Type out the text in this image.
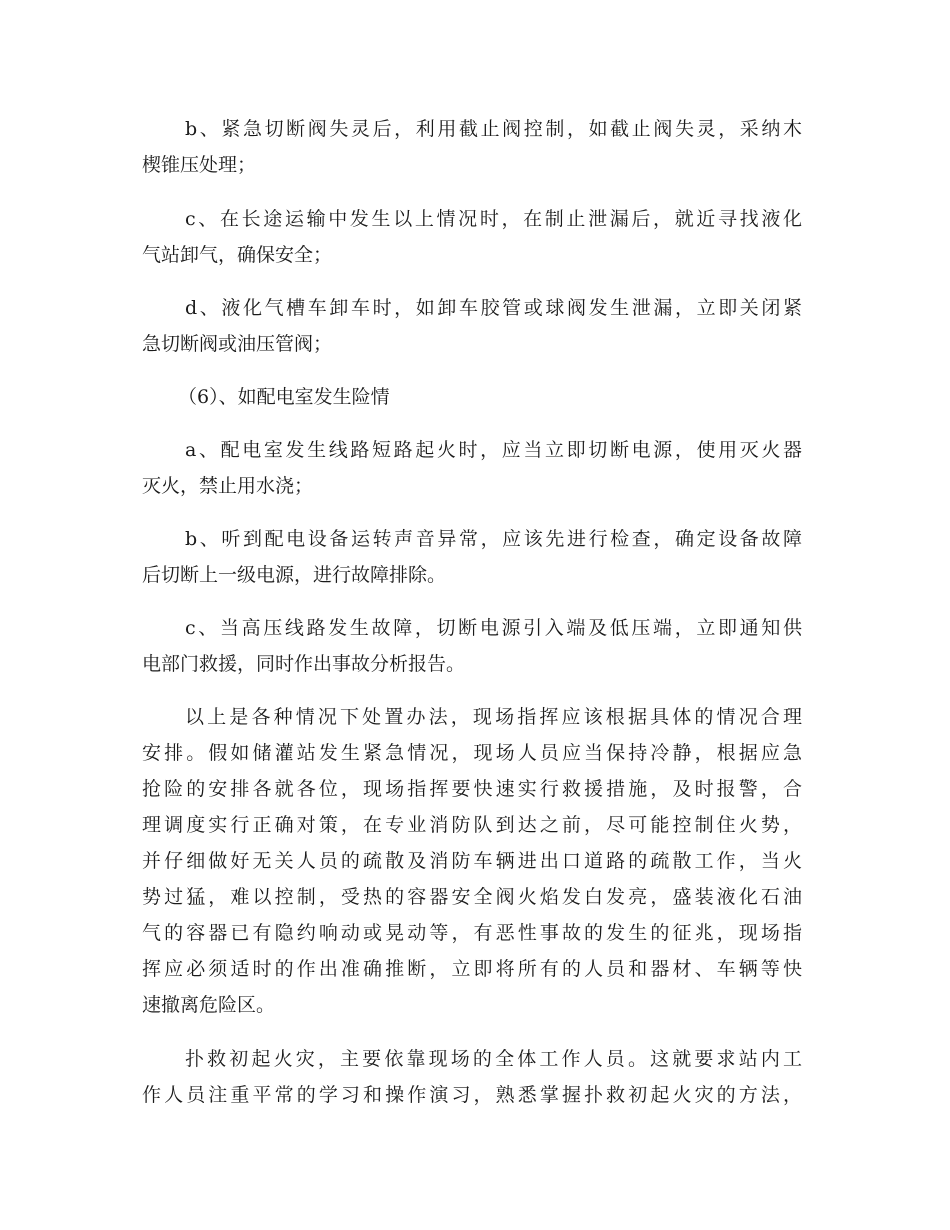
b、紧急切断阀失灵后，利用截止阀控制，如截止阀失灵，采纳木
楔锥压处理；
c、在长途运输中发生以上情况时，在制止泄漏后，就近寻找液化
气站卸气，确保安全；
d、液化气槽车卸车时，如卸车胶管或球阀发生泄漏，立即关闭紧
急切断阀或油压管阀；
（6）、如配电室发生险情
a、配电室发生线路短路起火时，应当立即切断电源，使用灭火器
灭火，禁止用水浇；
b、听到配电设备运转声音异常，应该先进行检查，确定设备故障
后切断上一级电源，进行故障排除。
c、当高压线路发生故障，切断电源引入端及低压端，立即通知供
电部门救援，同时作出事故分析报告。
以上是各种情况下处置办法，现场指挥应该根据具体的情况合理
安排。假如储灌站发生紧急情况，现场人员应当保持冷静，根据应急
抢险的安排各就各位，现场指挥要快速实行救援措施，及时报警，合
理调度实行正确对策，在专业消防队到达之前，尽可能控制住火势，
并仔细做好无关人员的疏散及消防车辆进出口道路的疏散工作，当火
势过猛，难以控制，受热的容器安全阀火焰发白发亮，盛装液化石油
气的容器已有隐约响动或晃动等，有恶性事故的发生的征兆，现场指
挥应必须适时的作出准确推断，立即将所有的人员和器材、车辆等快
速撤离危险区。
扑救初起火灾，主要依靠现场的全体工作人员。这就要求站内工
作人员注重平常的学习和操作演习，熟悉掌握扑救初起火灾的方法，
